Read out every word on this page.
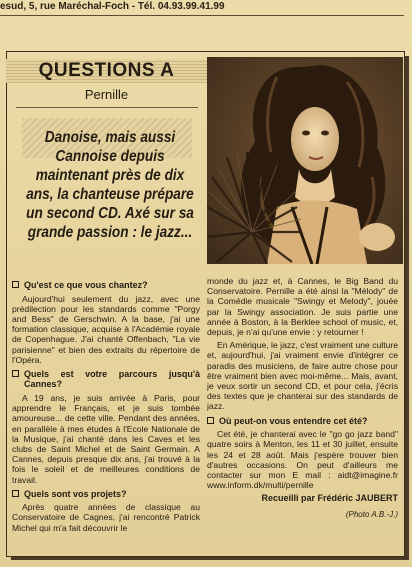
esud, 5, rue Maréchal-Foch - Tél. 04.93.99.41.99
QUESTIONS A
Pernille
Danoise, mais aussi Cannoise depuis maintenant près de dix ans, la chanteuse prépare un second CD. Axé sur sa grande passion : le jazz...
Qu'est ce que vous chantez?

Aujourd'hui seulement du jazz, avec une prédilection pour les standards comme "Porgy and Bess" de Gerschwin. A la base, j'ai une formation classique, acquise à l'Académie royale de Copenhague. J'ai chanté Offenbach, "La vie parisienne" et bien des extraits du répertoire de l'Opéra.

Quels est votre parcours jusqu'à Cannes?

A 19 ans, je suis arrivée à Paris, pour apprendre le Français, et je suis tombée amoureuse... de cette ville. Pendant des années, en parallèle à mes études à l'Ecole Nationale de la Musique, j'ai chanté dans les Caves et les clubs de Saint Michel et de Saint Germain. A Cannes, depuis presque dix ans, j'ai trouvé à la fois le soleil et de meilleures conditions de travail.

Quels sont vos projets?

Après quatre années de classique au Conservatoire de Cagnes, j'ai rencontré Patrick Michel qui m'a fait découvrir le

monde du jazz et, à Cannes, le Big Band du Conservatoire. Pernille a été ainsi la "Mélody" de la Comédie musicale "Swingy et Melody", jouée par la Swingy association. Je suis partie une année à Boston, à la Berklee school of music, et, depuis, je n'ai qu'une envie : y retourner !

En Amérique, le jazz, c'est vraiment une culture et, aujourd'hui, j'ai vraiment envie d'intégrer ce paradis des musiciens, de faire autre chose pour être vraiment bien avec moi-même... Mais, avant, je veux sortir un second CD, et pour cela, j'écris des textes que je chanterai sur des standards de jazz.

Où peut-on vous entendre cet été?

Cet été, je chanterai avec le "go go jazz band" quatre soirs à Menton, les 11 et 30 juillet, ensuite les 24 et 28 août. Mais j'espère trouver bien d'autres occasions. On peut d'ailleurs me contacter sur mon E mail : aidt@imagine.fr www.inform.dk/multi/pernille

Recueilli par Frédéric JAUBERT
(Photo A.B.-J.)
